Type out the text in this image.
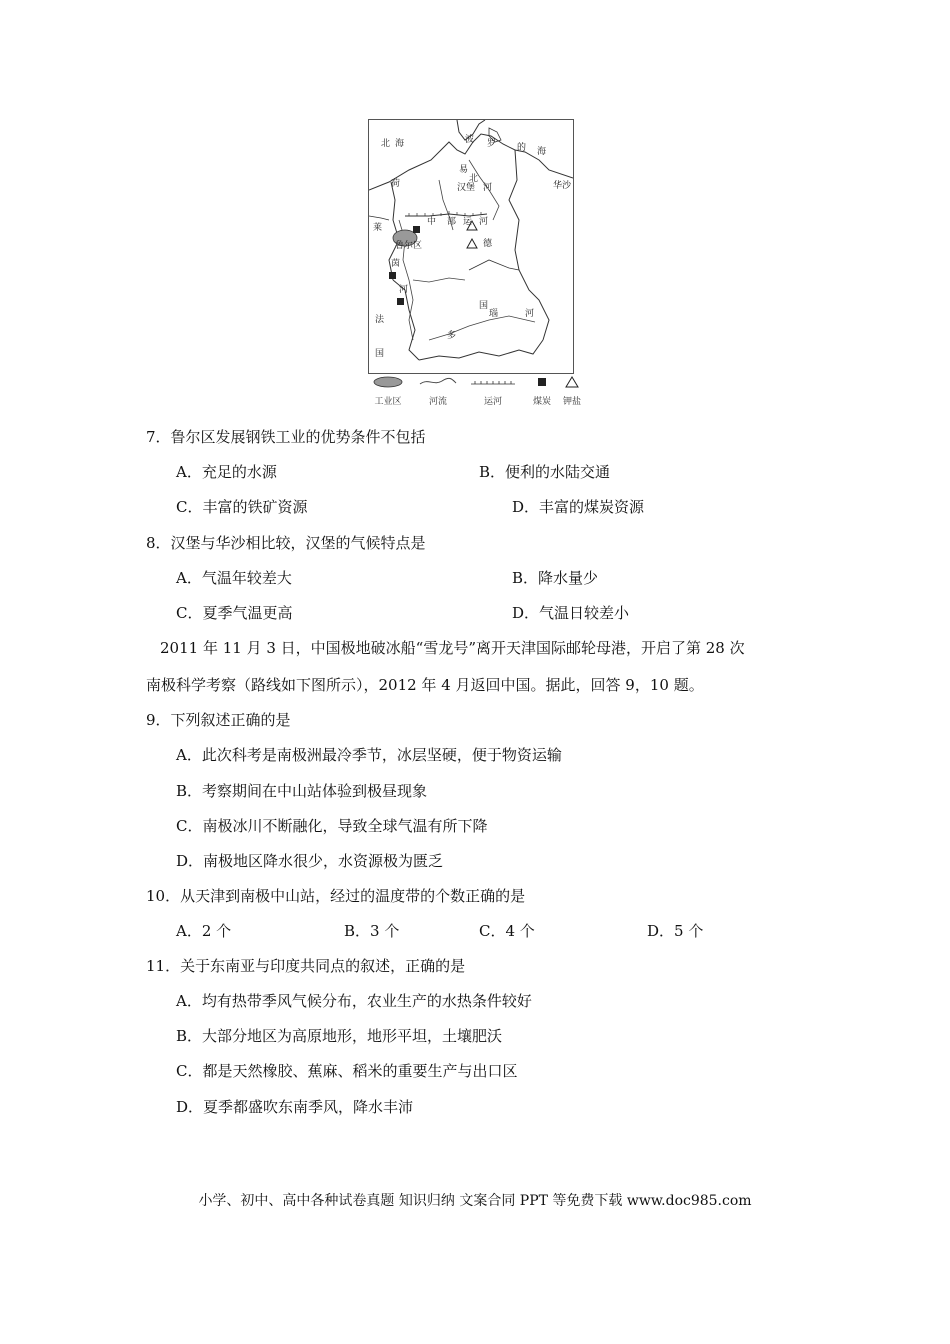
北 海	波 罗 的 海
易
北
河	华沙
荷	汉堡
中 部 运 河
德
国
鲁尔区
莱
茵
河
多
瑙	河
法
国
工业区	河流	运河	煤炭	钾盐
7．鲁尔区发展钢铁工业的优势条件不包括
A．充足的水源	B．便利的水陆交通
C．丰富的铁矿资源	D．丰富的煤炭资源
8．汉堡与华沙相比较，汉堡的气候特点是
A．气温年较差大	B．降水量少
C．夏季气温更高	D．气温日较差小
2011 年 11 月 3 日，中国极地破冰船“雪龙号”离开天津国际邮轮母港，开启了第 28 次
南极科学考察（路线如下图所示），2012 年 4 月返回中国。据此，回答 9，10 题。
9．下列叙述正确的是
A．此次科考是南极洲最冷季节，冰层坚硬，便于物资运输
B．考察期间在中山站体验到极昼现象
C．南极冰川不断融化，导致全球气温有所下降
D．南极地区降水很少，水资源极为匮乏
10．从天津到南极中山站，经过的温度带的个数正确的是
A．2 个	B．3 个	C．4 个	D．5 个
11．关于东南亚与印度共同点的叙述，正确的是
A．均有热带季风气候分布，农业生产的水热条件较好
B．大部分地区为高原地形，地形平坦，土壤肥沃
C．都是天然橡胶、蕉麻、稻米的重要生产与出口区
D．夏季都盛吹东南季风，降水丰沛
小学、初中、高中各种试卷真题 知识归纳 文案合同 PPT 等免费下载 www.doc985.com
